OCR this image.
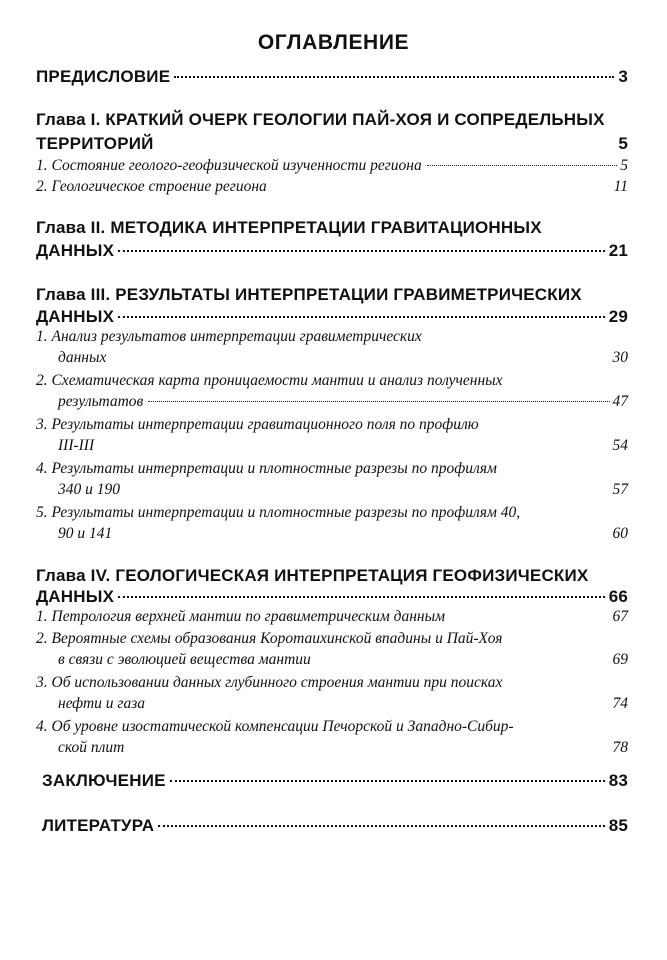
ОГЛАВЛЕНИЕ
ПРЕДИСЛОВИЕ	3
Глава I. КРАТКИЙ ОЧЕРК ГЕОЛОГИИ ПАЙ-ХОЯ И СОПРЕДЕЛЬНЫХ
ТЕРРИТОРИЙ	5
1. Состояние геолого-геофизической изученности региона	5
2. Геологическое строение региона	11
Глава II. МЕТОДИКА ИНТЕРПРЕТАЦИИ ГРАВИТАЦИОННЫХ
ДАННЫХ	21
Глава III. РЕЗУЛЬТАТЫ ИНТЕРПРЕТАЦИИ ГРАВИМЕТРИЧЕСКИХ
ДАННЫХ	29
1. Анализ результатов интерпретации гравиметрических
данных	30
2. Схематическая карта проницаемости мантии и анализ полученных
результатов	47
3. Результаты интерпретации гравитационного поля по профилю
III-III	54
4. Результаты интерпретации и плотностные разрезы по профилям
340 и 190	57
5. Результаты интерпретации и плотностные разрезы по профилям 40,
90 и 141	60
Глава IV. ГЕОЛОГИЧЕСКАЯ ИНТЕРПРЕТАЦИЯ ГЕОФИЗИЧЕСКИХ
ДАННЫХ	66
1. Петрология верхней мантии по гравиметрическим данным	67
2. Вероятные схемы образования Коротаихинской впадины и Пай-Хоя
в связи с эволюцией вещества мантии	69
3. Об использовании данных глубинного строения мантии при поисках
нефти и газа	74
4. Об уровне изостатической компенсации Печорской и Западно-Сибир-
ской плит	78
ЗАКЛЮЧЕНИЕ	83
ЛИТЕРАТУРА	85
